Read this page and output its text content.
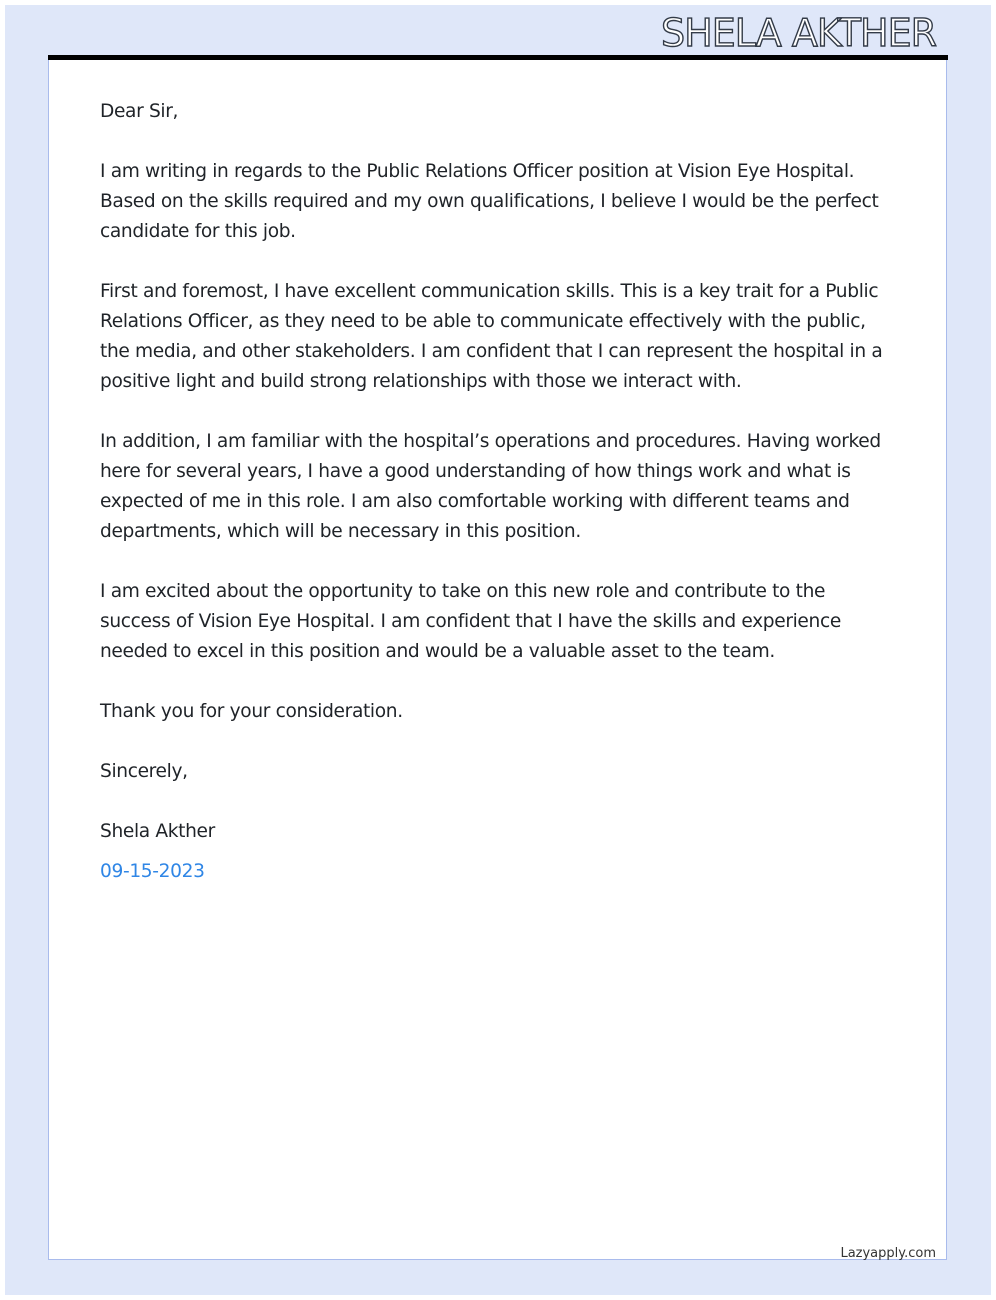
SHELA AKTHER

Dear Sir,

I am writing in regards to the Public Relations Officer position at Vision Eye Hospital. Based on the skills required and my own qualifications, I believe I would be the perfect candidate for this job.

First and foremost, I have excellent communication skills. This is a key trait for a Public Relations Officer, as they need to be able to communicate effectively with the public, the media, and other stakeholders. I am confident that I can represent the hospital in a positive light and build strong relationships with those we interact with.

In addition, I am familiar with the hospital’s operations and procedures. Having worked here for several years, I have a good understanding of how things work and what is expected of me in this role. I am also comfortable working with different teams and departments, which will be necessary in this position.

I am excited about the opportunity to take on this new role and contribute to the success of Vision Eye Hospital. I am confident that I have the skills and experience needed to excel in this position and would be a valuable asset to the team.

Thank you for your consideration.

Sincerely,

Shela Akther

09-15-2023

Lazyapply.com
